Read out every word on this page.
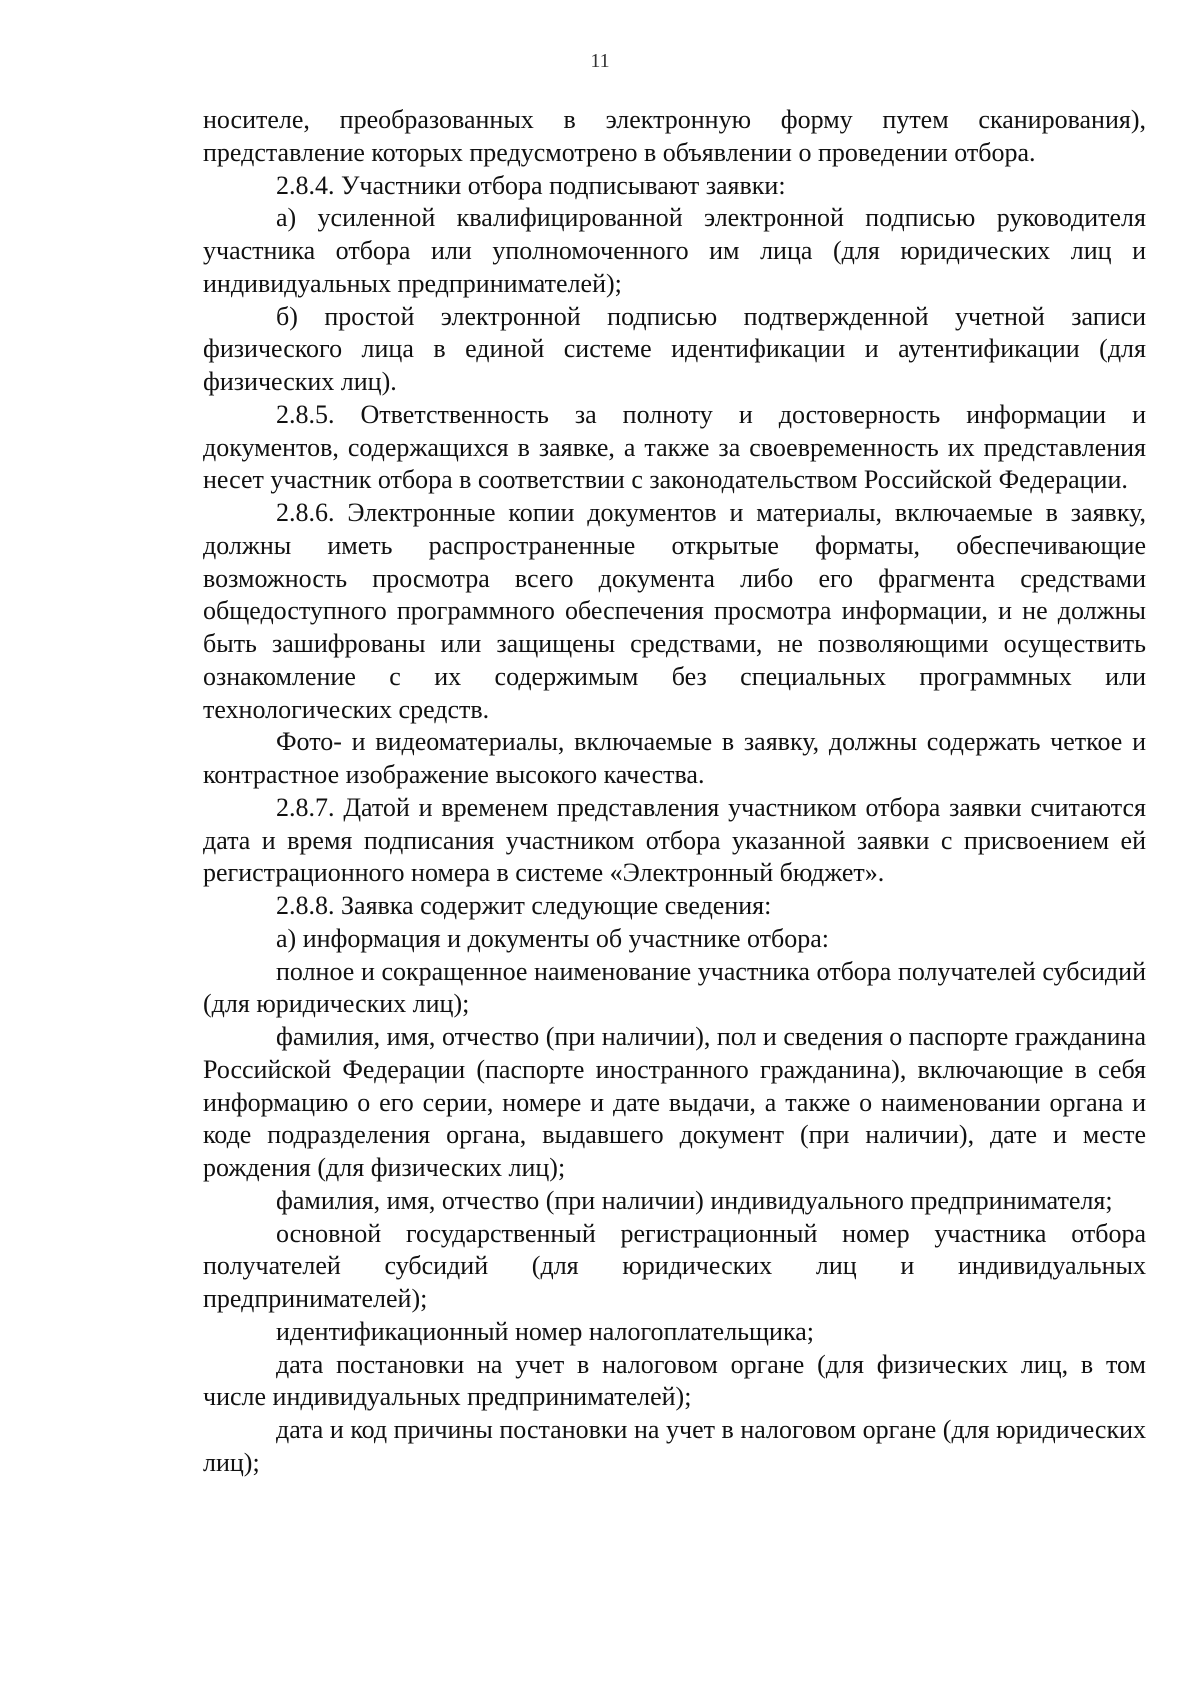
11

носителе, преобразованных в электронную форму путем сканирования), представление которых предусмотрено в объявлении о проведении отбора.

2.8.4. Участники отбора подписывают заявки:

а) усиленной квалифицированной электронной подписью руководителя участника отбора или уполномоченного им лица (для юридических лиц и индивидуальных предпринимателей);

б) простой электронной подписью подтвержденной учетной записи физического лица в единой системе идентификации и аутентификации (для физических лиц).

2.8.5. Ответственность за полноту и достоверность информации и документов, содержащихся в заявке, а также за своевременность их представления несет участник отбора в соответствии с законодательством Российской Федерации.

2.8.6. Электронные копии документов и материалы, включаемые в заявку, должны иметь распространенные открытые форматы, обеспечивающие возможность просмотра всего документа либо его фрагмента средствами общедоступного программного обеспечения просмотра информации, и не должны быть зашифрованы или защищены средствами, не позволяющими осуществить ознакомление с их содержимым без специальных программных или технологических средств.

Фото- и видеоматериалы, включаемые в заявку, должны содержать четкое и контрастное изображение высокого качества.

2.8.7. Датой и временем представления участником отбора заявки считаются дата и время подписания участником отбора указанной заявки с присвоением ей регистрационного номера в системе «Электронный бюджет».

2.8.8. Заявка содержит следующие сведения:

а) информация и документы об участнике отбора:

полное и сокращенное наименование участника отбора получателей субсидий (для юридических лиц);

фамилия, имя, отчество (при наличии), пол и сведения о паспорте гражданина Российской Федерации (паспорте иностранного гражданина), включающие в себя информацию о его серии, номере и дате выдачи, а также о наименовании органа и коде подразделения органа, выдавшего документ (при наличии), дате и месте рождения (для физических лиц);

фамилия, имя, отчество (при наличии) индивидуального предпринимателя;

основной государственный регистрационный номер участника отбора получателей субсидий (для юридических лиц и индивидуальных предпринимателей);

идентификационный номер налогоплательщика;

дата постановки на учет в налоговом органе (для физических лиц, в том числе индивидуальных предпринимателей);

дата и код причины постановки на учет в налоговом органе (для юридических лиц);
